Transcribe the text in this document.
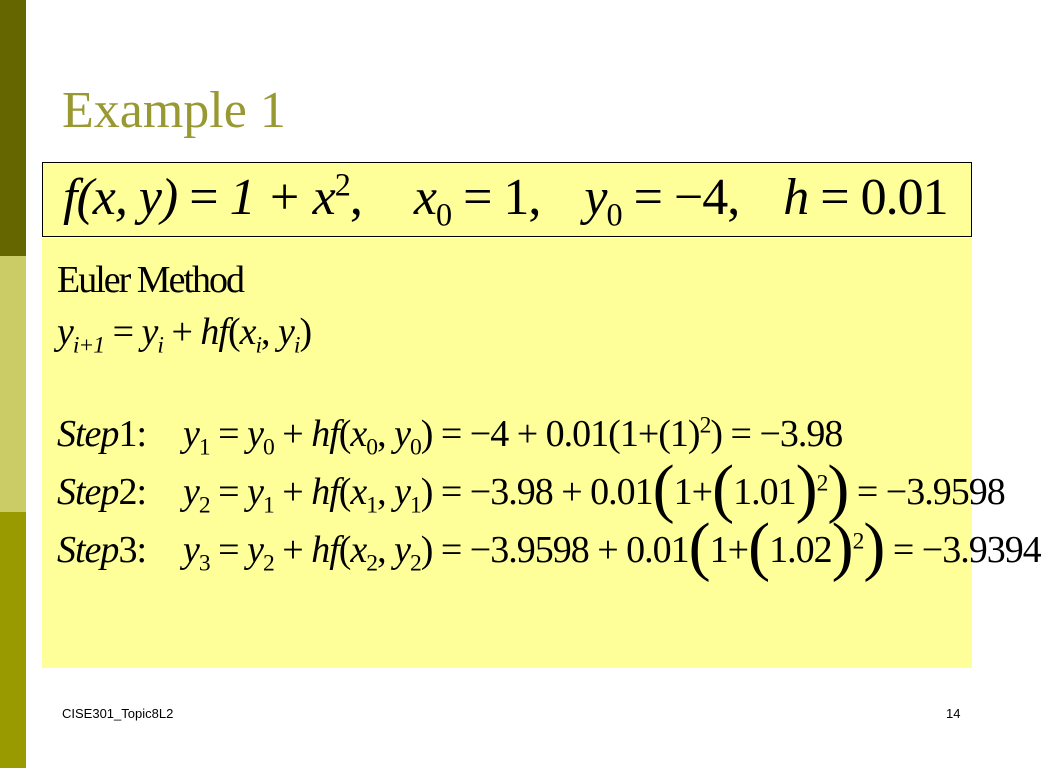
Example 1
f(x, $y) = 1 + x^2$,  $x_0 = 1$,  $y_0 = -4$,  h = 0.01
Euler Method
$y_{i+1} = y_i + hf(x_i$, $y_i$)
Step1:  $y_1 = y_0 + hf(x_0$, $y_0) = -4 + 0.01(1+(1)^2) = -3.98$
Step2:  $y_2 = y_1 + hf(x_1$, $y_1) = -3.98 + 0.01(1+(1.01)^2) = -3.9598$
Step3:  $y_3 = y_2 + hf(x_2$, $y_2) = -3.9598 + 0.01(1+(1.02)^2) = -3.9394$
CISE301_Topic8L2	14
